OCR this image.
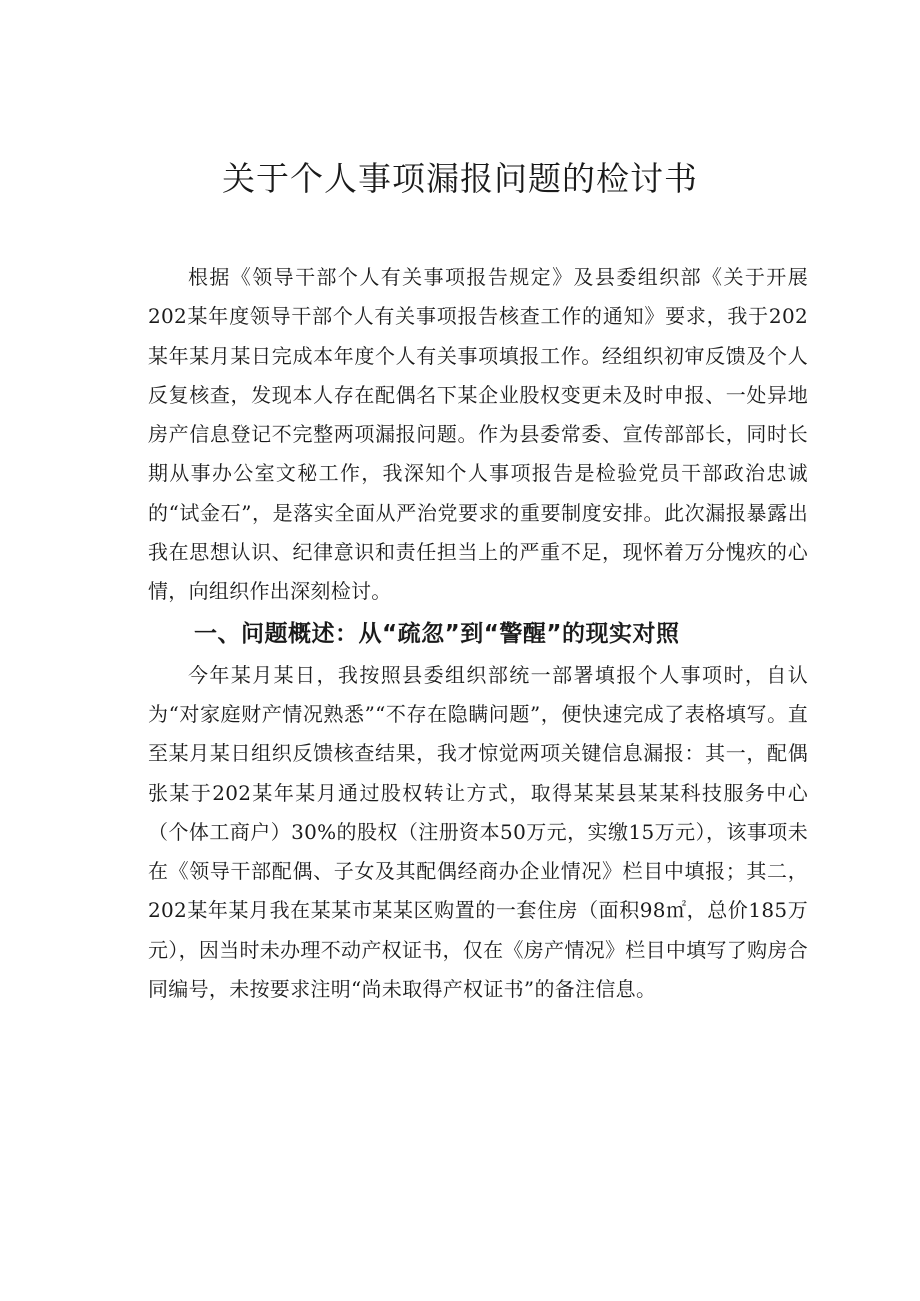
关于个人事项漏报问题的检讨书

根据《领导干部个人有关事项报告规定》及县委组织部《关于开展202某年度领导干部个人有关事项报告核查工作的通知》要求，我于202某年某月某日完成本年度个人有关事项填报工作。经组织初审反馈及个人反复核查，发现本人存在配偶名下某企业股权变更未及时申报、一处异地房产信息登记不完整两项漏报问题。作为县委常委、宣传部部长，同时长期从事办公室文秘工作，我深知个人事项报告是检验党员干部政治忠诚的“试金石”，是落实全面从严治党要求的重要制度安排。此次漏报暴露出我在思想认识、纪律意识和责任担当上的严重不足，现怀着万分愧疚的心情，向组织作出深刻检讨。

一、问题概述：从“疏忽”到“警醒”的现实对照

今年某月某日，我按照县委组织部统一部署填报个人事项时，自认为“对家庭财产情况熟悉”“不存在隐瞒问题”，便快速完成了表格填写。直至某月某日组织反馈核查结果，我才惊觉两项关键信息漏报：其一，配偶张某于202某年某月通过股权转让方式，取得某某县某某科技服务中心（个体工商户）30%的股权（注册资本50万元，实缴15万元），该事项未在《领导干部配偶、子女及其配偶经商办企业情况》栏目中填报；其二，202某年某月我在某某市某某区购置的一套住房（面积98㎡，总价185万元），因当时未办理不动产权证书，仅在《房产情况》栏目中填写了购房合同编号，未按要求注明“尚未取得产权证书”的备注信息。
